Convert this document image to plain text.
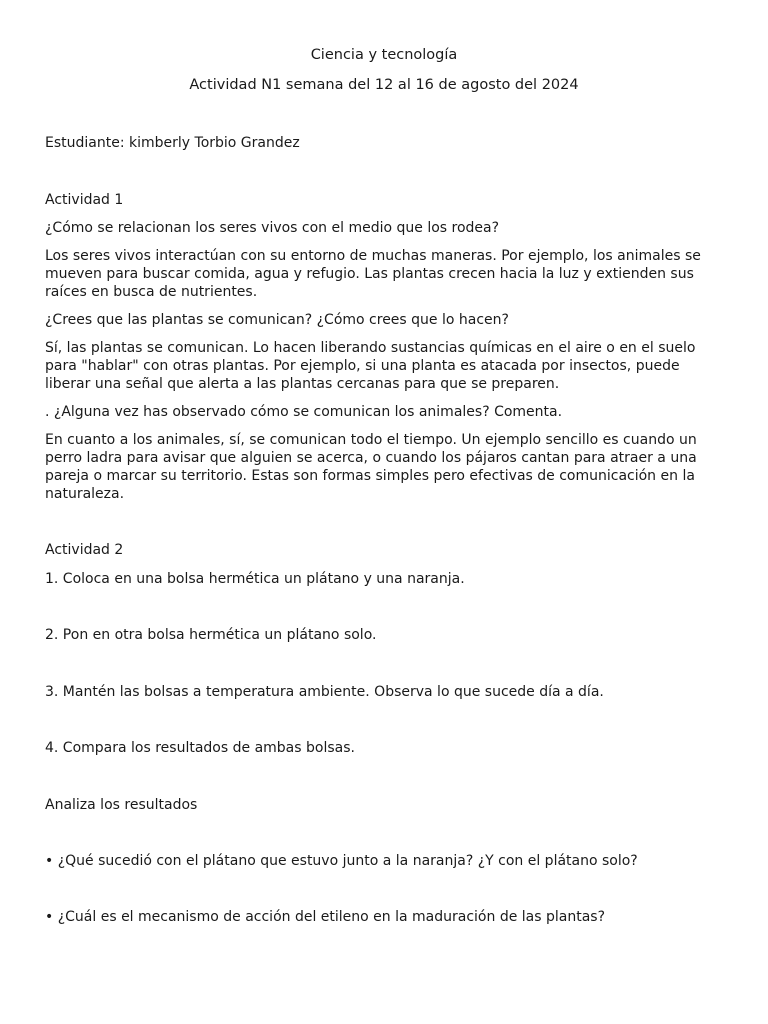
Ciencia y tecnología

Actividad N1 semana del 12 al 16 de agosto del 2024

Estudiante: kimberly Torbio Grandez

Actividad 1

¿Cómo se relacionan los seres vivos con el medio que los rodea?

Los seres vivos interactúan con su entorno de muchas maneras. Por ejemplo, los animales se mueven para buscar comida, agua y refugio. Las plantas crecen hacia la luz y extienden sus raíces en busca de nutrientes.

¿Crees que las plantas se comunican? ¿Cómo crees que lo hacen?

Sí, las plantas se comunican. Lo hacen liberando sustancias químicas en el aire o en el suelo para "hablar" con otras plantas. Por ejemplo, si una planta es atacada por insectos, puede liberar una señal que alerta a las plantas cercanas para que se preparen.

. ¿Alguna vez has observado cómo se comunican los animales? Comenta.

En cuanto a los animales, sí, se comunican todo el tiempo. Un ejemplo sencillo es cuando un perro ladra para avisar que alguien se acerca, o cuando los pájaros cantan para atraer a una pareja o marcar su territorio. Estas son formas simples pero efectivas de comunicación en la naturaleza.

Actividad 2

1. Coloca en una bolsa hermética un plátano y una naranja.

2. Pon en otra bolsa hermética un plátano solo.

3. Mantén las bolsas a temperatura ambiente. Observa lo que sucede día a día.

4. Compara los resultados de ambas bolsas.

Analiza los resultados

• ¿Qué sucedió con el plátano que estuvo junto a la naranja? ¿Y con el plátano solo?

• ¿Cuál es el mecanismo de acción del etileno en la maduración de las plantas?
